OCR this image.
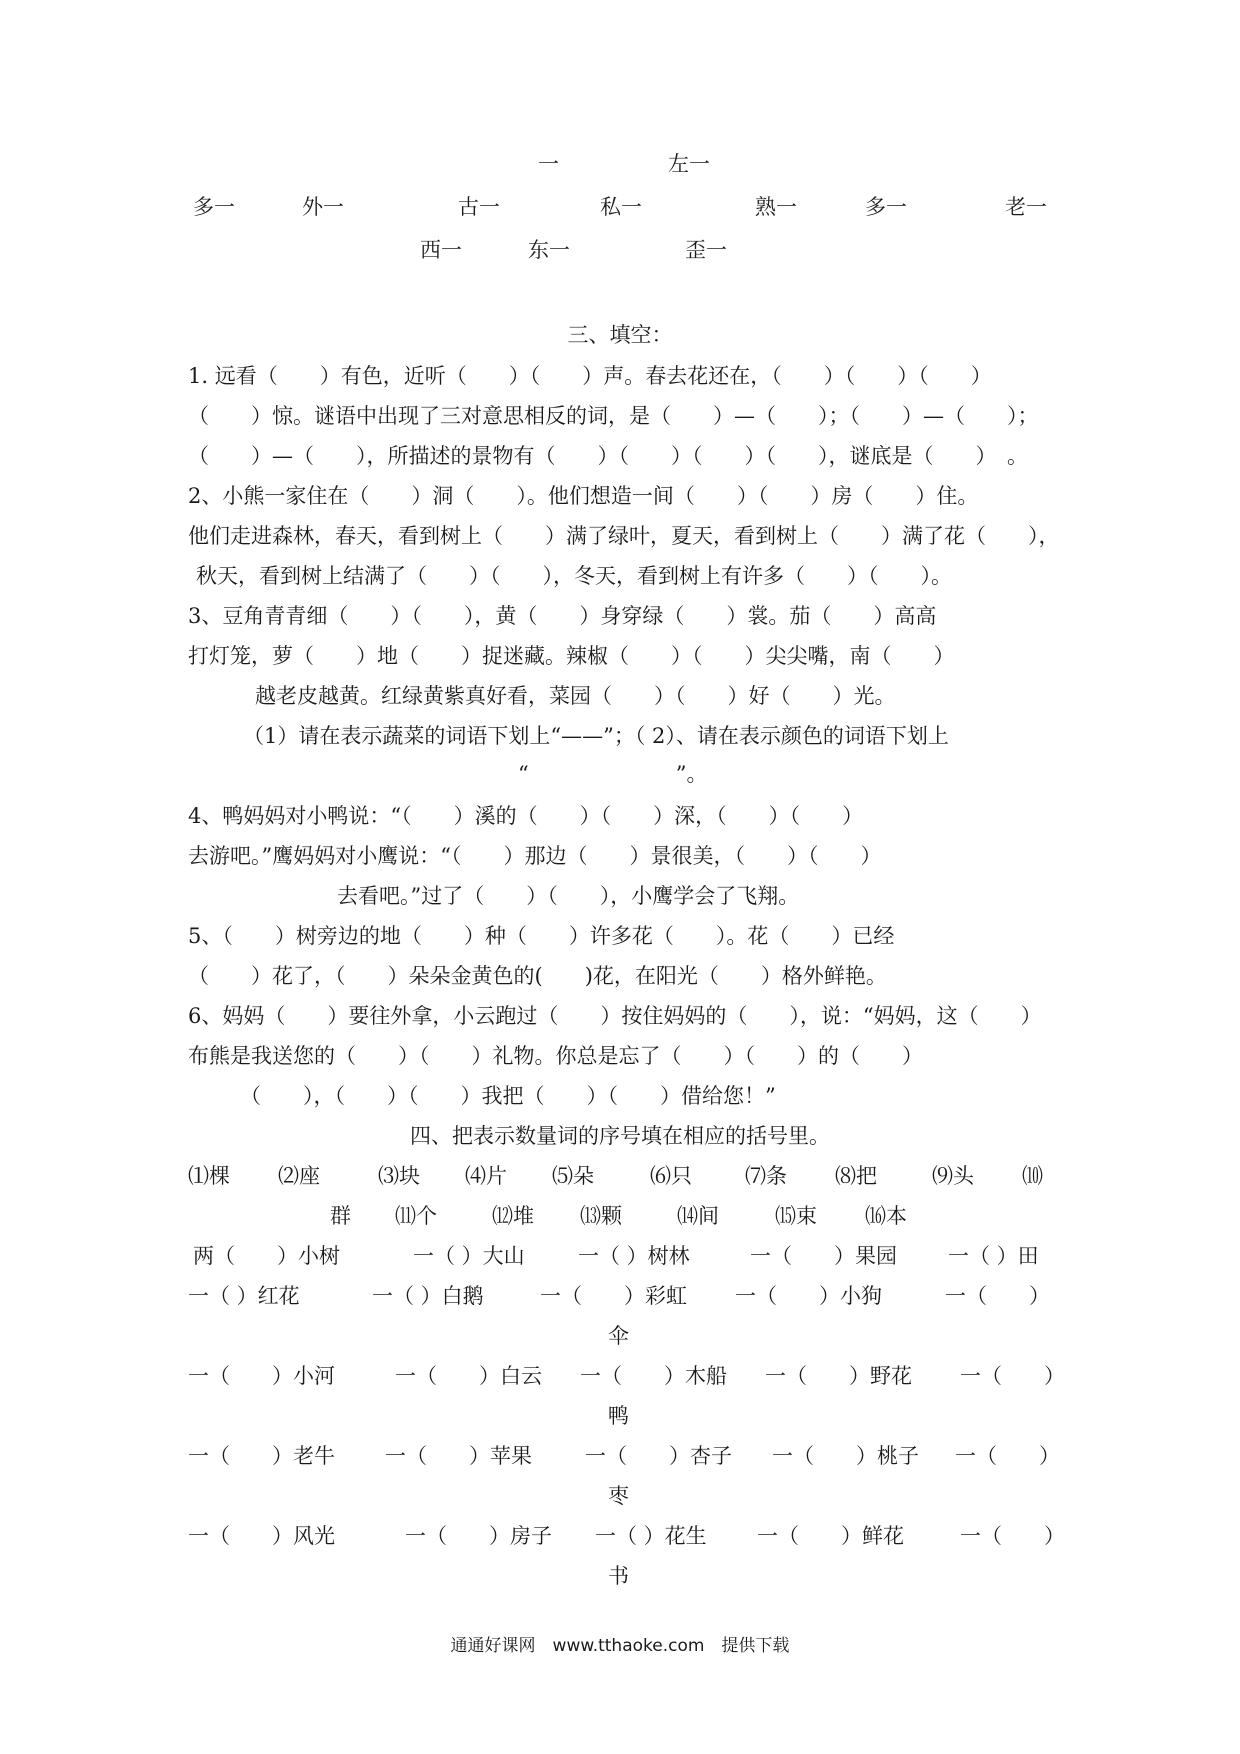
一	左一
多一	外一	古一	私一	熟一	多一	老一
西一	东一	歪一
三、填空：
1. 远看（　　）有色，近听（　　）（　　）声。春去花还在，（　　）（　　）（　　）
（　　）惊。谜语中出现了三对意思相反的词，是（　　）—（　　）；（　　）—（　　）；
（　　）—（　　），所描述的景物有（　　）（　　）（　　）（　　），谜底是（　　）　。
2、小熊一家住在（　　）洞（　　）。他们想造一间（　　）（　　）房（　　）住。
他们走进森林，春天，看到树上（　　）满了绿叶，夏天，看到树上（　　）满了花（　　），
秋天，看到树上结满了（　　）（　　），冬天，看到树上有许多（　　）（　　）。
3、豆角青青细（　　）（　　），黄（　　）身穿绿（　　）裳。茄（　　）高高
打灯笼，萝（　　）地（　　）捉迷藏。辣椒（　　）（　　）尖尖嘴，南（　　）
越老皮越黄。红绿黄紫真好看，菜园（　　）（　　）好（　　）光。
（1）请在表示蔬菜的词语下划上“——”；（ 2）、请在表示颜色的词语下划上
“　　　　　　　”。
4、鸭妈妈对小鸭说：“（　　）溪的（　　）（　　）深，（　　）（　　）
去游吧。”鹰妈妈对小鹰说：“（　　）那边（　　）景很美，（　　）（　　）
去看吧。”过了（　　）（　　），小鹰学会了飞翔。
5、（　　）树旁边的地（　　）种（　　）许多花（　　）。花（　　）已经
（　　）花了，（　　）朵朵金黄色的(　　)花，在阳光（　　）格外鲜艳。
6、妈妈（　　）要往外拿，小云跑过（　　）按住妈妈的（　　），说：“妈妈，这（　　）
布熊是我送您的（　　）（　　）礼物。你总是忘了（　　）（　　）的（　　）
（　　），（　　）（　　）我把（　　）（　　）借给您！”
四、把表示数量词的序号填在相应的括号里。
⑴棵 ⑵座	⑶块 ⑷片 ⑸朵	⑹只	⑺条 ⑻把	⑼头 ⑽
群 ⑾个	⑿堆 ⒀颗	⒁间	⒂束 ⒃本
两（　　）小树	一（ ）大山	一（ ）树林	一（　　）果园 一（ ）田
一（ ）红花	一（ ）白鹅	一（　　）彩虹 一（　　）小狗	一（　　）
伞
一（　　）小河	一（　　）白云 一（　　）木船 一（　　）野花 一（　　）
鸭
一（　　）老牛 一（　　）苹果	一（　　）杏子 一（　　）桃子 一（　　）
枣
一（　　）风光	一（　　）房子 一（ ）花生 一（　　）鲜花	一（　　）
书
通通好课网　www.tthaoke.com　提供下载
